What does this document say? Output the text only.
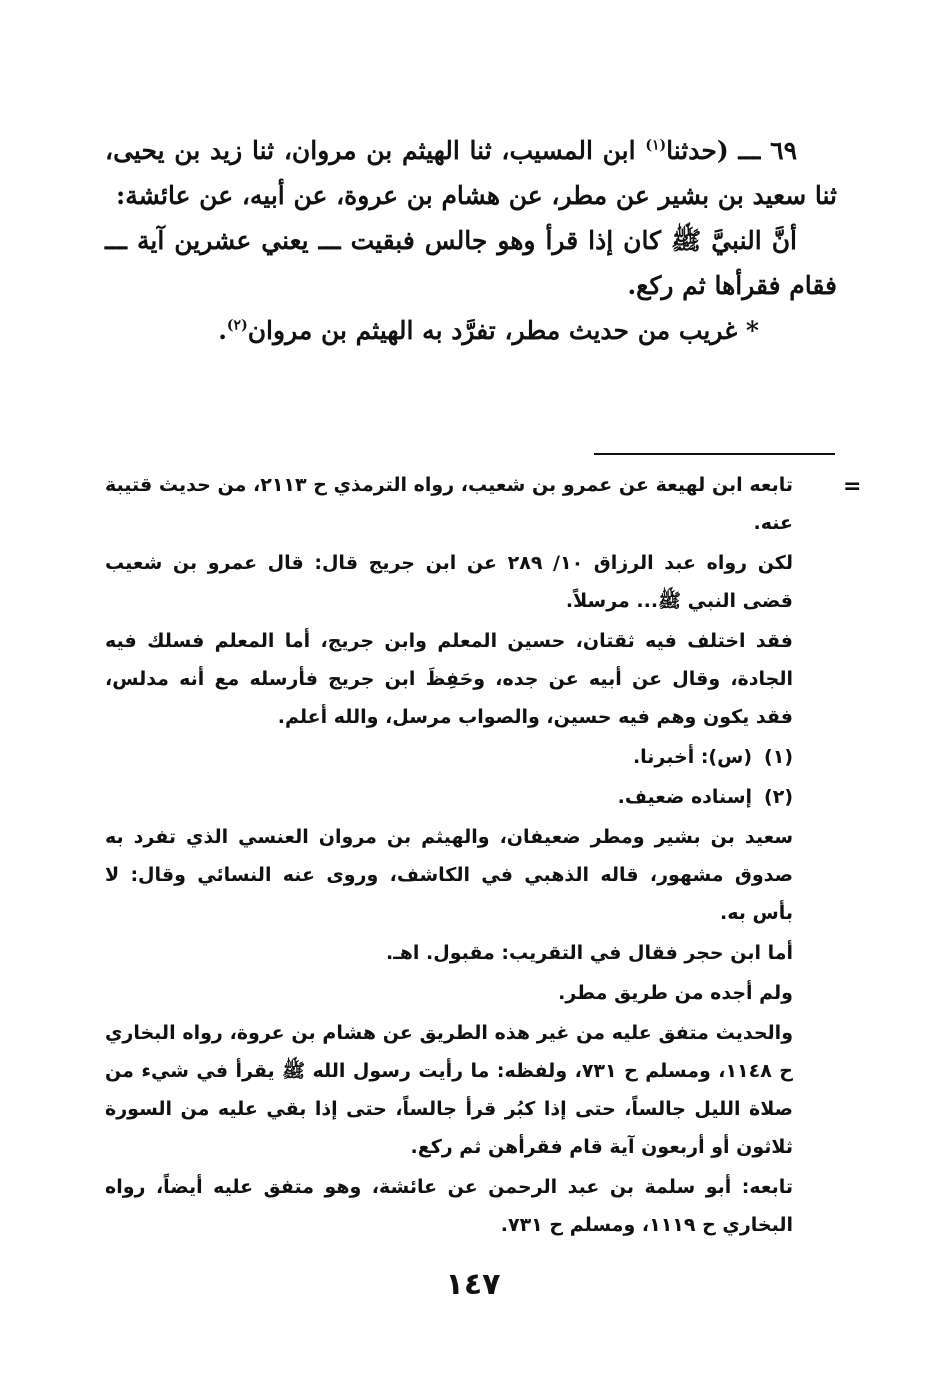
٦٩ ـــ (حدثنا$^{(١)}$ ابن المسيب، ثنا الهيثم بن مروان، ثنا زيد بن يحيى، ثنا سعيد بن بشير عن مطر، عن هشام بن عروة، عن أبيه، عن عائشة:

أنَّ النبيَّ ﷺ كان إذا قرأ وهو جالس فبقيت ـــ يعني عشرين آية ـــ فقام فقرأها ثم ركع.

* غريب من حديث مطر، تفرَّد به الهيثم بن مروان$^{(٢)}$.

=

تابعه ابن لهيعة عن عمرو بن شعيب، رواه الترمذي ح ٢١١٣، من حديث قتيبة عنه.

لكن رواه عبد الرزاق ١٠/ ٢٨٩ عن ابن جريج قال: قال عمرو بن شعيب قضى النبي ﷺ... مرسلاً.

فقد اختلف فيه ثقتان، حسين المعلم وابن جريج، أما المعلم فسلك فيه الجادة، وقال عن أبيه عن جده، وحَفِظَ ابن جريج فأرسله مع أنه مدلس، فقد يكون وهم فيه حسين، والصواب مرسل، والله أعلم.

(١)
(س): أخبرنا.

(٢)
إسناده ضعيف.

سعيد بن بشير ومطر ضعيفان، والهيثم بن مروان العنسي الذي تفرد به صدوق مشهور، قاله الذهبي في الكاشف، وروى عنه النسائي وقال: لا بأس به.

أما ابن حجر فقال في التقريب: مقبول. اهـ.

ولم أجده من طريق مطر.

والحديث متفق عليه من غير هذه الطريق عن هشام بن عروة، رواه البخاري ح ١١٤٨، ومسلم ح ٧٣١، ولفظه: ما رأيت رسول الله ﷺ يقرأ في شيء من صلاة الليل جالساً، حتى إذا كبُر قرأ جالساً، حتى إذا بقي عليه من السورة ثلاثون أو أربعون آية قام فقرأهن ثم ركع.

تابعه: أبو سلمة بن عبد الرحمن عن عائشة، وهو متفق عليه أيضاً، رواه البخاري ح ١١١٩، ومسلم ح ٧٣١.

١٤٧
